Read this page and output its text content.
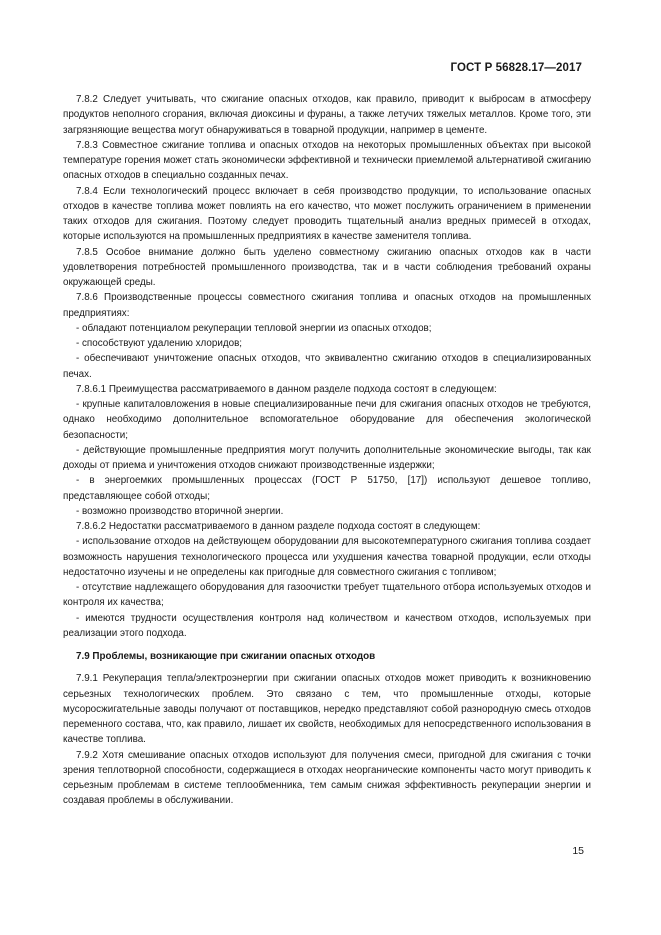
ГОСТ Р 56828.17—2017

7.8.2 Следует учитывать, что сжигание опасных отходов, как правило, приводит к выбросам в атмосферу продуктов неполного сгорания, включая диоксины и фураны, а также летучих тяжелых металлов. Кроме того, эти загрязняющие вещества могут обнаруживаться в товарной продукции, например в цементе.

7.8.3 Совместное сжигание топлива и опасных отходов на некоторых промышленных объектах при высокой температуре горения может стать экономически эффективной и технически приемлемой альтернативой сжиганию опасных отходов в специально созданных печах.

7.8.4 Если технологический процесс включает в себя производство продукции, то использование опасных отходов в качестве топлива может повлиять на его качество, что может послужить ограничением в применении таких отходов для сжигания. Поэтому следует проводить тщательный анализ вредных примесей в отходах, которые используются на промышленных предприятиях в качестве заменителя топлива.

7.8.5 Особое внимание должно быть уделено совместному сжиганию опасных отходов как в части удовлетворения потребностей промышленного производства, так и в части соблюдения требований охраны окружающей среды.

7.8.6 Производственные процессы совместного сжигания топлива и опасных отходов на промышленных предприятиях:

- обладают потенциалом рекуперации тепловой энергии из опасных отходов;

- способствуют удалению хлоридов;

- обеспечивают уничтожение опасных отходов, что эквивалентно сжиганию отходов в специализированных печах.

7.8.6.1 Преимущества рассматриваемого в данном разделе подхода состоят в следующем:

- крупные капиталовложения в новые специализированные печи для сжигания опасных отходов не требуются, однако необходимо дополнительное вспомогательное оборудование для обеспечения экологической безопасности;

- действующие промышленные предприятия могут получить дополнительные экономические выгоды, так как доходы от приема и уничтожения отходов снижают производственные издержки;

- в энергоемких промышленных процессах (ГОСТ Р 51750, [17]) используют дешевое топливо, представляющее собой отходы;

- возможно производство вторичной энергии.

7.8.6.2 Недостатки рассматриваемого в данном разделе подхода состоят в следующем:

- использование отходов на действующем оборудовании для высокотемпературного сжигания топлива создает возможность нарушения технологического процесса или ухудшения качества товарной продукции, если отходы недостаточно изучены и не определены как пригодные для совместного сжигания с топливом;

- отсутствие надлежащего оборудования для газоочистки требует тщательного отбора используемых отходов и контроля их качества;

- имеются трудности осуществления контроля над количеством и качеством отходов, используемых при реализации этого подхода.

7.9 Проблемы, возникающие при сжигании опасных отходов

7.9.1 Рекуперация тепла/электроэнергии при сжигании опасных отходов может приводить к возникновению серьезных технологических проблем. Это связано с тем, что промышленные отходы, которые мусоросжигательные заводы получают от поставщиков, нередко представляют собой разнородную смесь отходов переменного состава, что, как правило, лишает их свойств, необходимых для непосредственного использования в качестве топлива.

7.9.2 Хотя смешивание опасных отходов используют для получения смеси, пригодной для сжигания с точки зрения теплотворной способности, содержащиеся в отходах неорганические компоненты часто могут приводить к серьезным проблемам в системе теплообменника, тем самым снижая эффективность рекуперации энергии и создавая проблемы в обслуживании.

15
